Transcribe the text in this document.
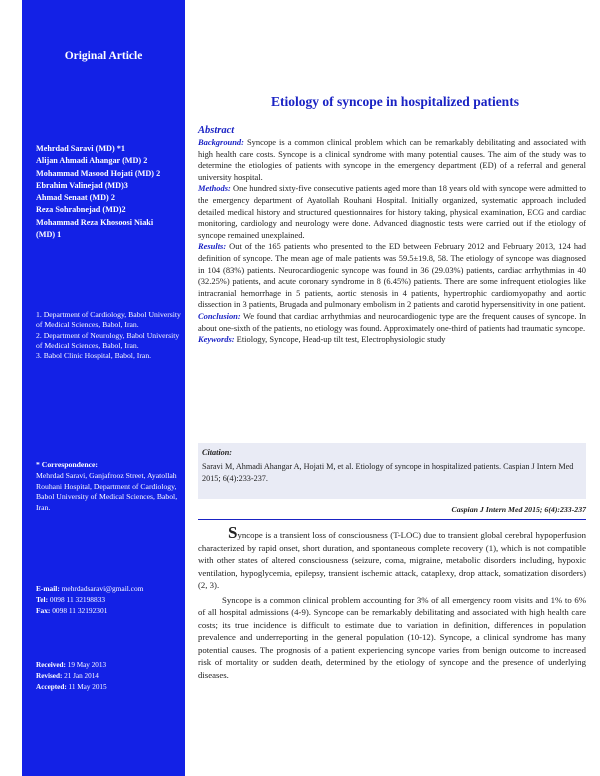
Original Article
Mehrdad Saravi (MD) *1
Alijan Ahmadi Ahangar (MD) 2
Mohammad Masood Hojati (MD) 2
Ebrahim Valinejad (MD)3
Ahmad Senaat (MD) 2
Reza Sohrabnejad (MD)2
Mohammad Reza Khosoosi Niaki
(MD) 1
1. Department of Cardiology, Babol University of Medical Sciences, Babol, Iran.
2. Department of Neurology, Babol University of Medical Sciences, Babol, Iran.
3. Babol Clinic Hospital, Babol, Iran.
* Correspondence:
Mehrdad Saravi, Ganjafrooz Street, Ayatollah Rouhani Hospital, Department of Cardiology, Babol University of Medical Sciences, Babol, Iran.
E-mail: mehrdadsaravi@gmail.com
Tel: 0098 11 32198833
Fax: 0098 11 32192301
Received: 19 May 2013
Revised: 21 Jan 2014
Accepted: 11 May 2015
Etiology of syncope in hospitalized patients
Abstract

Background: Syncope is a common clinical problem which can be remarkably debilitating and associated with high health care costs. Syncope is a clinical syndrome with many potential causes. The aim of the study was to determine the etiologies of patients with syncope in the emergency department (ED) of a referral and general university hospital.

Methods: One hundred sixty-five consecutive patients aged more than 18 years old with syncope were admitted to the emergency department of Ayatollah Rouhani Hospital. Initially organized, systematic approach included detailed medical history and structured questionnaires for history taking, physical examination, ECG and cardiac monitoring, cardiology and neurology were done. Advanced diagnostic tests were carried out if the etiology of syncope remained unexplained.

Results: Out of the 165 patients who presented to the ED between February 2012 and February 2013, 124 had definition of syncope. The mean age of male patients was 59.5±19.8, 58. The etiology of syncope was diagnosed in 104 (83%) patients. Neurocardiogenic syncope was found in 36 (29.03%) patients, cardiac arrhythmias in 40 (32.25%) patients, and acute coronary syndrome in 8 (6.45%) patients. There are some infrequent etiologies like intracranial hemorrhage in 5 patients, aortic stenosis in 4 patients, hypertrophic cardiomyopathy and aortic dissection in 3 patients, Brugada and pulmonary embolism in 2 patients and carotid hypersensitivity in one patient.

Conclusion: We found that cardiac arrhythmias and neurocardiogenic type are the frequent causes of syncope. In about one-sixth of the patients, no etiology was found. Approximately one-third of patients had traumatic syncope.

Keywords: Etiology, Syncope, Head-up tilt test, Electrophysiologic study

Citation:
Saravi M, Ahmadi Ahangar A, Hojati M, et al. Etiology of syncope in hospitalized patients. Caspian J Intern Med 2015; 6(4):233-237.
Caspian J Intern Med 2015; 6(4):233-237

Syncope is a transient loss of consciousness (T-LOC) due to transient global cerebral hypoperfusion characterized by rapid onset, short duration, and spontaneous complete recovery (1), which is not compatible with other states of altered consciousness (seizure, coma, migraine, metabolic disorders including, hypoxic ventilation, hypoglycemia, epilepsy, transient ischemic attack, cataplexy, drop attack, somatization disorders) (2, 3).

Syncope is a common clinical problem accounting for 3% of all emergency room visits and 1% to 6% of all hospital admissions (4-9). Syncope can be remarkably debilitating and associated with high health care costs; its true incidence is difficult to estimate due to variation in definition, differences in population prevalence and underreporting in the general population (10-12). Syncope, a clinical syndrome has many potential causes. The prognosis of a patient experiencing syncope varies from benign outcome to increased risk of mortality or sudden death, determined by the etiology of syncope and the presence of underlying diseases.
